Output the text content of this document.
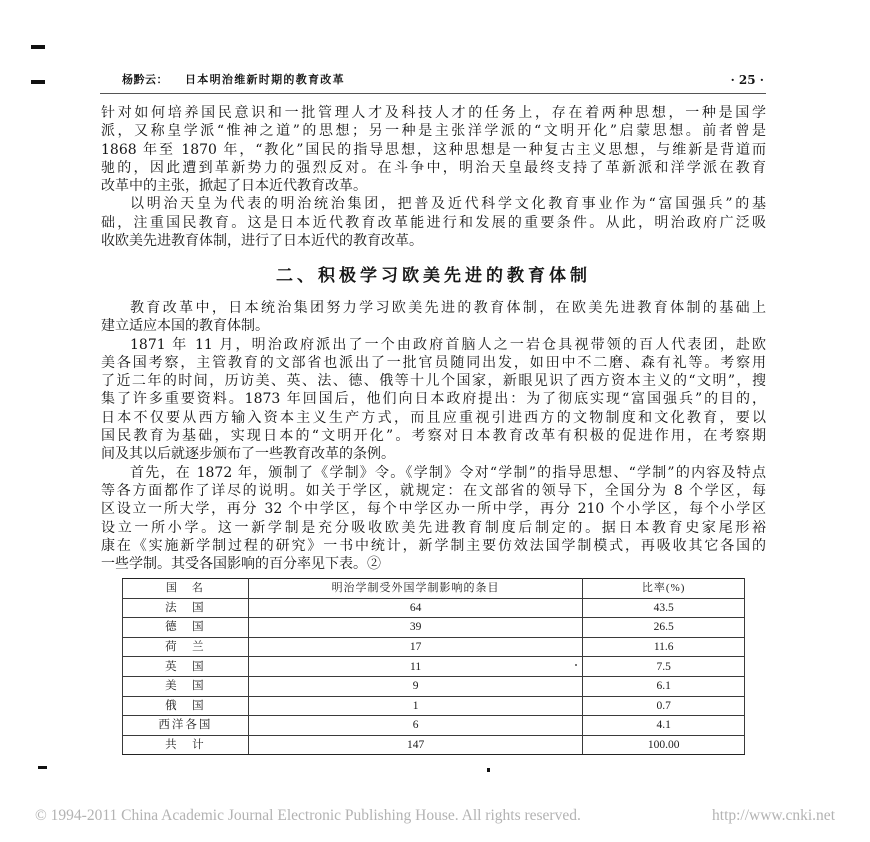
杨黔云： 日本明治维新时期的教育改革	· 25 ·
针对如何培养国民意识和一批管理人才及科技人才的任务上，存在着两种思想，一种是国学
派，又称皇学派“惟神之道”的思想；另一种是主张洋学派的“文明开化”启蒙思想。前者曾是
1868 年至 1870 年，“教化”国民的指导思想，这种思想是一种复古主义思想，与维新是背道而
驰的，因此遭到革新势力的强烈反对。在斗争中，明治天皇最终支持了革新派和洋学派在教育
改革中的主张，掀起了日本近代教育改革。
以明治天皇为代表的明治统治集团，把普及近代科学文化教育事业作为“富国强兵”的基
础，注重国民教育。这是日本近代教育改革能进行和发展的重要条件。从此，明治政府广泛吸
收欧美先进教育体制，进行了日本近代的教育改革。
二、积极学习欧美先进的教育体制
教育改革中，日本统治集团努力学习欧美先进的教育体制，在欧美先进教育体制的基础上
建立适应本国的教育体制。
1871 年 11 月，明治政府派出了一个由政府首脑人之一岩仓具视带领的百人代表团，赴欧
美各国考察，主管教育的文部省也派出了一批官员随同出发，如田中不二磨、森有礼等。考察用
了近二年的时间，历访美、英、法、德、俄等十儿个国家，新眼见识了西方资本主义的“文明”，搜
集了许多重要资料。1873 年回国后，他们向日本政府提出：为了彻底实现“富国强兵”的目的，
日本不仅要从西方输入资本主义生产方式，而且应重视引进西方的文物制度和文化教育，要以
国民教育为基础，实现日本的“文明开化”。考察对日本教育改革有积极的促进作用，在考察期
间及其以后就逐步颁布了一些教育改革的条例。
首先，在 1872 年，颁制了《学制》令。《学制》令对“学制”的指导思想、“学制”的内容及特点
等各方面都作了详尽的说明。如关于学区，就规定：在文部省的领导下，全国分为 8 个学区，每
区设立一所大学，再分 32 个中学区，每个中学区办一所中学，再分 210 个小学区，每个小学区
设立一所小学。这一新学制是充分吸收欧美先进教育制度后制定的。据日本教育史家尾形裕
康在《实施新学制过程的研究》一书中统计，新学制主要仿效法国学制模式，再吸收其它各国的
一些学制。其受各国影响的百分率见下表。②
国　名	明治学制受外国学制影响的条目	比率(%)
法　国	64	43.5
德　国	39	26.5
荷　兰	17	11.6
英　国	11	7.5
美　国	9	6.1
俄　国	1	0.7
西洋各国	6	4.1
共　计	147	100.00
© 1994-2011 China Academic Journal Electronic Publishing House. All rights reserved.	http://www.cnki.net
